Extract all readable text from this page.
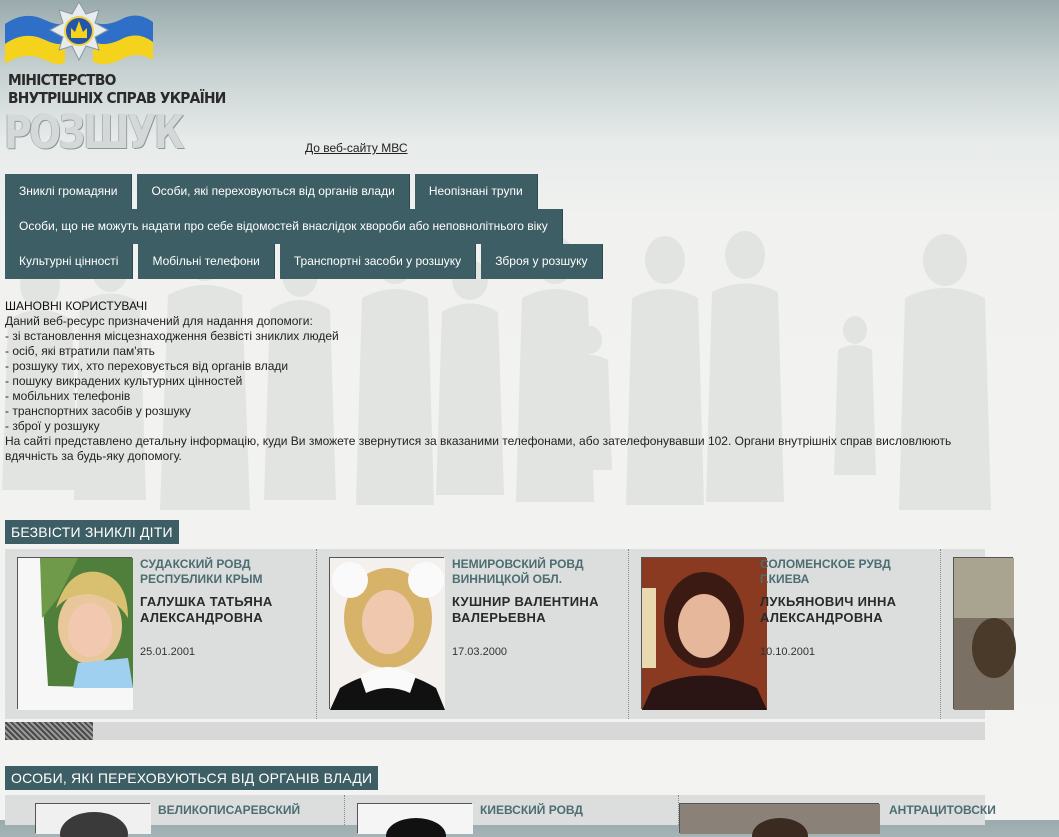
МІНІСТЕРСТВО
ВНУТРІШНІХ СПРАВ УКРАЇНИ
РОЗШУК	До веб-сайту МВС
Зниклі громадяни	Особи, які переховуються від органів влади	Неопізнані трупи
Особи, що не можуть надати про себе відомостей внаслідок хвороби або неповнолітнього віку
Культурні цінності	Мобільні телефони	Транспортні засоби у розшуку	Зброя у розшуку
ШАНОВНІ КОРИСТУВАЧІ
Даний веб-ресурс призначений для надання допомоги:
- зі встановлення місцезнаходження безвісті зниклих людей
- осіб, які втратили пам'ять
- розшуку тих, хто переховується від органів влади
- пошуку викрадених культурних цінностей
- мобільних телефонів
- транспортних засобів у розшуку
- зброї у розшуку
На сайті представлено детальну інформацію, куди Ви зможете звернутися за вказаними телефонами, або зателефонувавши 102. Органи внутрішніх справ висловлюють вдячність за будь-яку допомогу.
БЕЗВІСТИ ЗНИКЛІ ДІТИ
СУДАКСКИЙ РОВД РЕСПУБЛИКИ КРЫМ
ГАЛУШКА ТАТЬЯНА АЛЕКСАНДРОВНА
25.01.2001
НЕМИРОВСКИЙ РОВД ВИННИЦКОЙ ОБЛ.
КУШНИР ВАЛЕНТИНА ВАЛЕРЬЕВНА
17.03.2000
СОЛОМЕНСКОЕ РУВД Г.КИЕВА
ЛУКЬЯНОВИЧ ИННА АЛЕКСАНДРОВНА
10.10.2001
ОСОБИ, ЯКІ ПЕРЕХОВУЮТЬСЯ ВІД ОРГАНІВ ВЛАДИ
ВЕЛИКОПИСАРЕВСКИЙ	КИЕВСКИЙ РОВД	АНТРАЦИТОВСКИ
